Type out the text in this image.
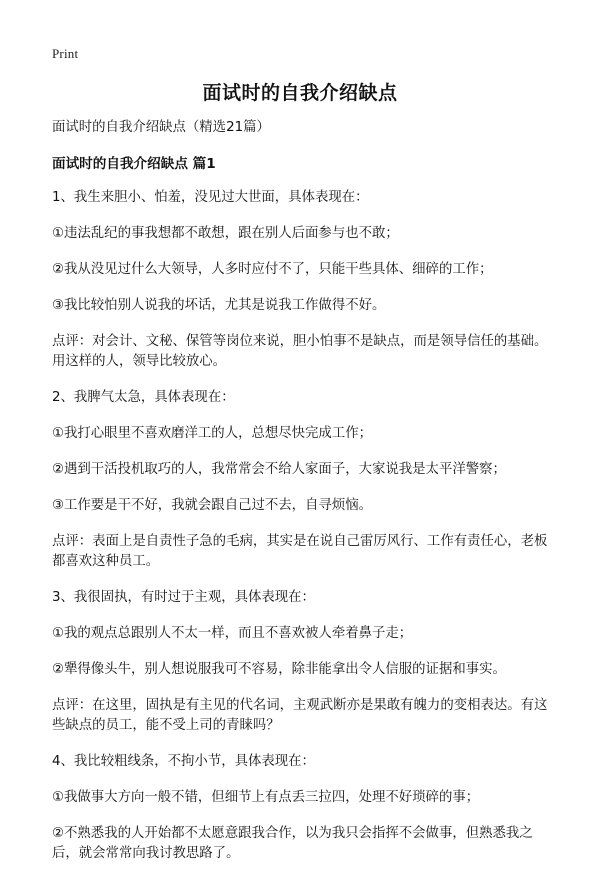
Print
面试时的自我介绍缺点

面试时的自我介绍缺点（精选21篇）

面试时的自我介绍缺点 篇1

1、我生来胆小、怕羞，没见过大世面，具体表现在：

①违法乱纪的事我想都不敢想，跟在别人后面参与也不敢；

②我从没见过什么大领导，人多时应付不了，只能干些具体、细碎的工作；

③我比较怕别人说我的坏话，尤其是说我工作做得不好。

点评：对会计、文秘、保管等岗位来说，胆小怕事不是缺点，而是领导信任的基础。用这样的人，领导比较放心。

2、我脾气太急，具体表现在：

①我打心眼里不喜欢磨洋工的人，总想尽快完成工作；

②遇到干活投机取巧的人，我常常会不给人家面子，大家说我是太平洋警察；

③工作要是干不好，我就会跟自己过不去，自寻烦恼。

点评：表面上是自责性子急的毛病，其实是在说自己雷厉风行、工作有责任心，老板都喜欢这种员工。

3、我很固执，有时过于主观，具体表现在：

①我的观点总跟别人不太一样，而且不喜欢被人牵着鼻子走；

②犟得像头牛，别人想说服我可不容易，除非能拿出令人信服的证据和事实。

点评：在这里，固执是有主见的代名词，主观武断亦是果敢有魄力的变相表达。有这些缺点的员工，能不受上司的青睐吗？

4、我比较粗线条，不拘小节，具体表现在：

①我做事大方向一般不错，但细节上有点丢三拉四，处理不好琐碎的事；

②不熟悉我的人开始都不太愿意跟我合作，以为我只会指挥不会做事，但熟悉我之后，就会常常向我讨教思路了。
